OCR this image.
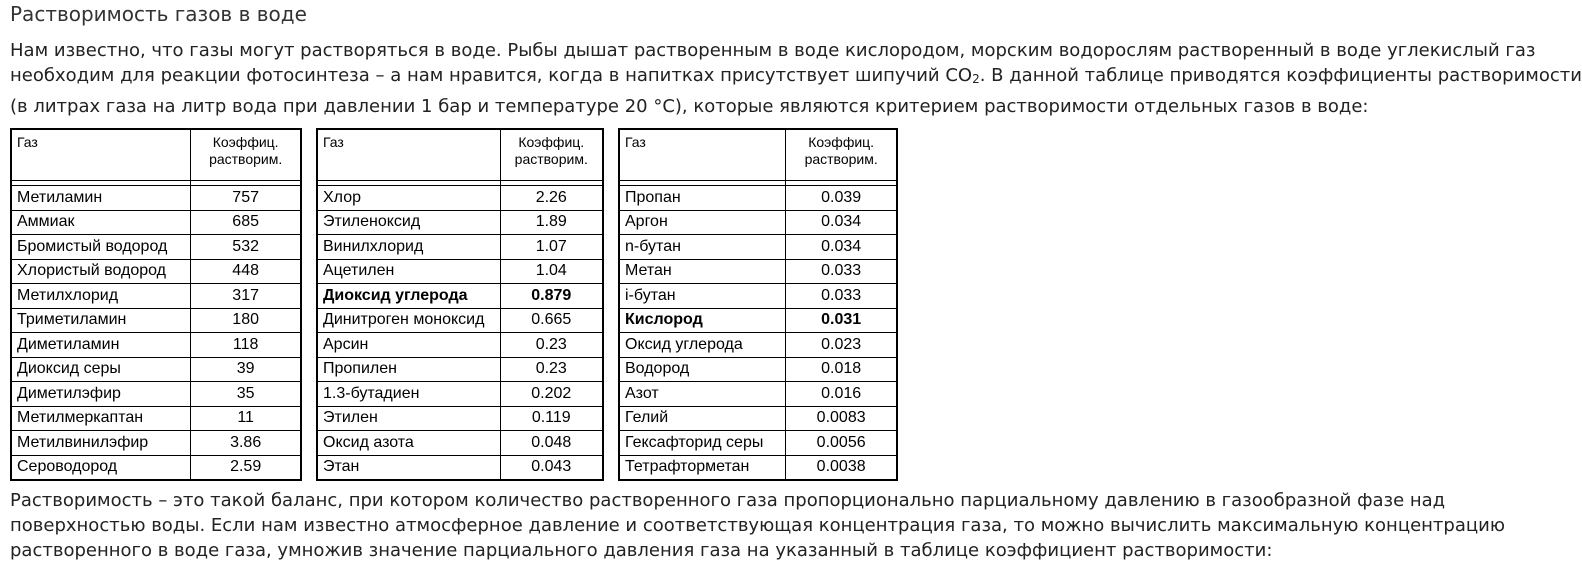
Растворимость газов в воде
Нам известно, что газы могут растворяться в воде. Рыбы дышат растворенным в воде кислородом, морским водорослям растворенный в воде углекислый газ
необходим для реакции фотосинтеза – а нам нравится, когда в напитках присутствует шипучий $CO_2$. В данной таблице приводятся коэффициенты растворимости
(в литрах газа на литр вода при давлении 1 бар и температуре 20 °C), которые являются критерием растворимости отдельных газов в воде:
Газ	Коэффиц.
растворим.

Метиламин	757
Аммиак	685
Бромистый водород	532
Хлористый водород	448
Метилхлорид	317
Триметиламин	180
Диметиламин	118
Диоксид серы	39
Диметилэфир	35
Метилмеркаптан	11
Метилвинилэфир	3.86
Сероводород	2.59
Газ	Коэффиц.
растворим.

Хлор	2.26
Этиленоксид	1.89
Винилхлорид	1.07
Ацетилен	1.04
Диоксид углерода	0.879
Динитроген моноксид	0.665
Арсин	0.23
Пропилен	0.23
1.3-бутадиен	0.202
Этилен	0.119
Оксид азота	0.048
Этан	0.043
Газ	Коэффиц.
растворим.

Пропан	0.039
Аргон	0.034
n-бутан	0.034
Метан	0.033
i-бутан	0.033
Кислород	0.031
Оксид углерода	0.023
Водород	0.018
Азот	0.016
Гелий	0.0083
Гексафторид серы	0.0056
Тетрафторметан	0.0038
Растворимость – это такой баланс, при котором количество растворенного газа пропорционально парциальному давлению в газообразной фазе над
поверхностью воды. Если нам известно атмосферное давление и соответствующая концентрация газа, то можно вычислить максимальную концентрацию
растворенного в воде газа, умножив значение парциального давления газа на указанный в таблице коэффициент растворимости:
